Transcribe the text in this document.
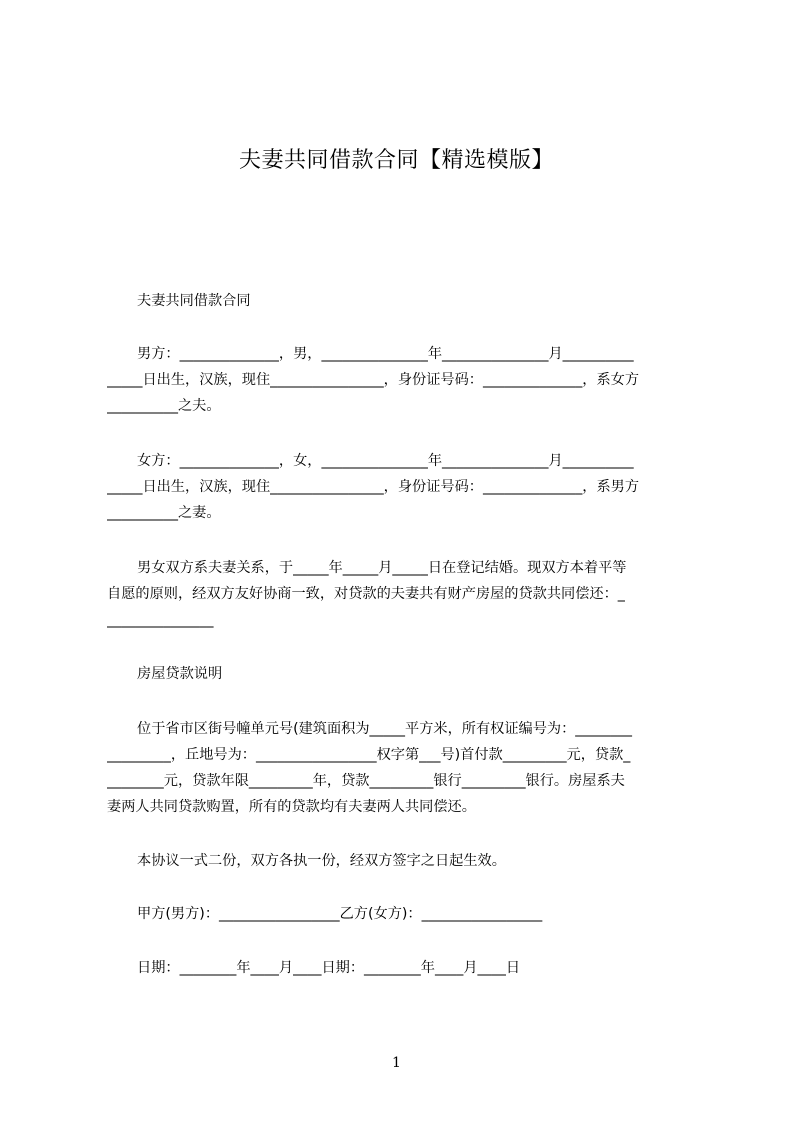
夫妻共同借款合同【精选模版】
夫妻共同借款合同
男方：______________，男，_______________年_______________月__________
_____日出生，汉族，现住________________，身份证号码：______________，系女方
__________之夫。
女方：______________，女，_______________年_______________月__________
_____日出生，汉族，现住________________，身份证号码：______________，系男方
__________之妻。
男女双方系夫妻关系，于_____年_____月_____日在登记结婚。现双方本着平等
自愿的原则，经双方友好协商一致，对贷款的夫妻共有财产房屋的贷款共同偿还：_
_______________
房屋贷款说明
位于省市区街号幢单元号(建筑面积为_____平方米，所有权证编号为：________
_________，丘地号为：_________________权字第___号)首付款_________元，贷款_
________元，贷款年限_________年，贷款_________银行_________银行。房屋系夫
妻两人共同贷款购置，所有的贷款均有夫妻两人共同偿还。
本协议一式二份，双方各执一份，经双方签字之日起生效。
甲方(男方)：_________________乙方(女方)：_________________
日期：________年____月____日期：________年____月____日
1
